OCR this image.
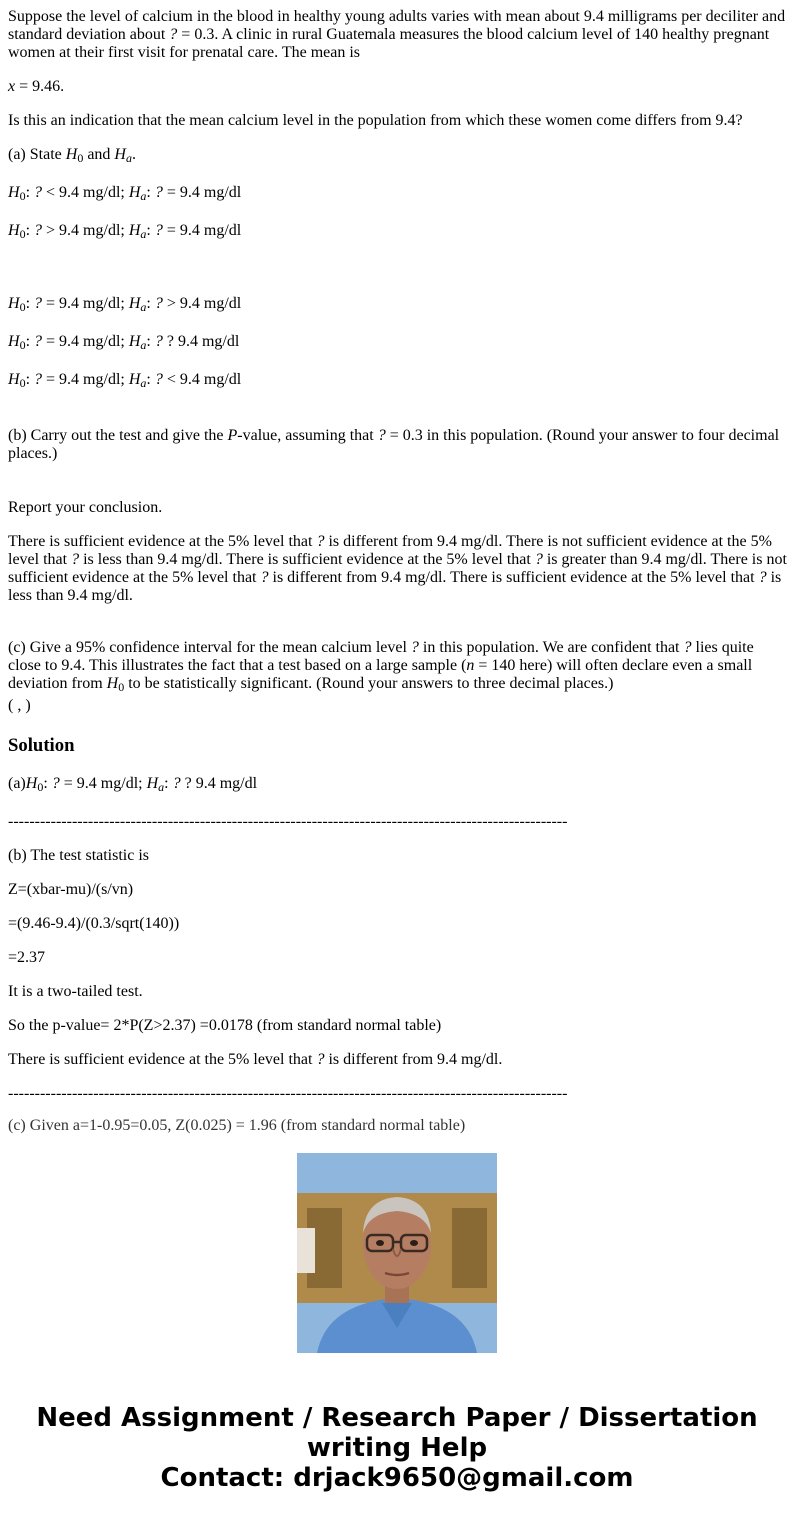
Suppose the level of calcium in the blood in healthy young adults varies with mean about 9.4 milligrams per deciliter and standard deviation about ? = 0.3. A clinic in rural Guatemala measures the blood calcium level of 140 healthy pregnant women at their first visit for prenatal care. The mean is

x = 9.46.

Is this an indication that the mean calcium level in the population from which these women come differs from 9.4?

(a) State $H_0$ and $H_a$.

$H_0$: ? < 9.4 mg/dl; $H_a$: ? = 9.4 mg/dl

$H_0$: ? > 9.4 mg/dl; $H_a$: ? = 9.4 mg/dl

$H_0$: ? = 9.4 mg/dl; $H_a$: ? > 9.4 mg/dl

$H_0$: ? = 9.4 mg/dl; $H_a$: ? ? 9.4 mg/dl

$H_0$: ? = 9.4 mg/dl; $H_a$: ? < 9.4 mg/dl

(b) Carry out the test and give the P-value, assuming that ? = 0.3 in this population. (Round your answer to four decimal places.)

Report your conclusion.

There is sufficient evidence at the 5% level that ? is different from 9.4 mg/dl. There is not sufficient evidence at the 5% level that ? is less than 9.4 mg/dl. There is sufficient evidence at the 5% level that ? is greater than 9.4 mg/dl. There is not sufficient evidence at the 5% level that ? is different from 9.4 mg/dl. There is sufficient evidence at the 5% level that ? is less than 9.4 mg/dl.

(c) Give a 95% confidence interval for the mean calcium level ? in this population. We are confident that ? lies quite close to 9.4. This illustrates the fact that a test based on a large sample (n = 140 here) will often declare even a small deviation from $H_0$ to be statistically significant. (Round your answers to three decimal places.)

( , )

Solution

$(a)H_0$: ? = 9.4 mg/dl; $H_a$: ? ? 9.4 mg/dl

---------------------------------------------------------------------------------------------------------

(b) The test statistic is

Z=(xbar-mu)/(s/vn)

=(9.46-9.4)/(0.3/sqrt(140))

=2.37

It is a two-tailed test.

So the p-value= 2*P(Z>2.37) =0.0178 (from standard normal table)

There is sufficient evidence at the 5% level that ? is different from 9.4 mg/dl.

---------------------------------------------------------------------------------------------------------

(c) Given a=1-0.95=0.05, Z(0.025) = 1.96 (from standard normal table)

Need Assignment / Research Paper / Dissertation
writing Help
Contact: drjack9650@gmail.com
